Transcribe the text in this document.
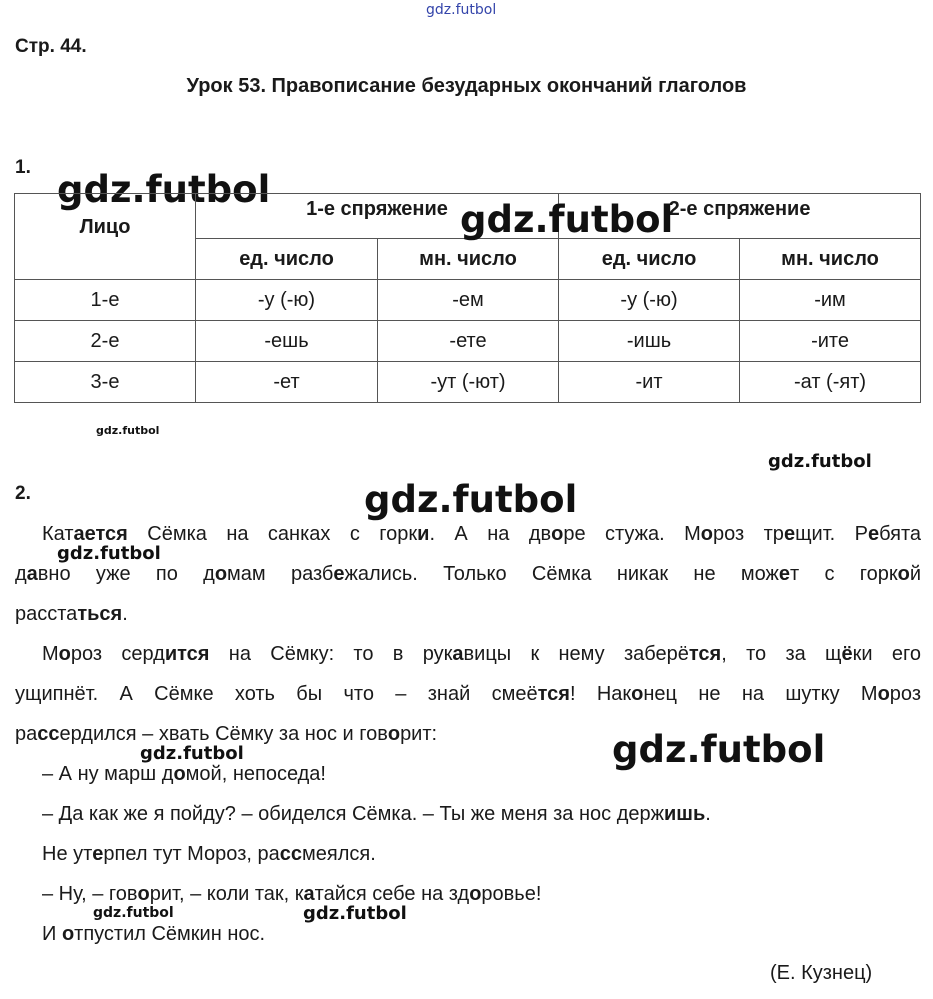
gdz.futbol
gdz.futbol
Стр. 44.
Урок 53. Правописание безударных окончаний глаголов
1.
Лицо	1-е спряжение		2-е спряжение	
	ед. число	мн. число	ед. число	мн. число
1-е	-у (-ю)	-ем	-у (-ю)	-им
2-е	-ешь	-ете	-ишь	-ите
3-е	-ет	-ут (-ют)	-ит	-ат (-ят)
gdz.futbol
gdz.futbol
gdz.futbol
2.	gdz.futbol
Катается Сёмка на санках с горки. А на дворе стужа. Мороз трещит. Ребята
давно уже по домам разбежались. Только Сёмка никак не может с горкой
расстаться.
Мороз сердится на Сёмку: то в рукавицы к нему заберётся, то за щёки его
ущипнёт. А Сёмке хоть бы что – знай смеётся! Наконец не на шутку Мороз
рассердился – хвать Сёмку за нос и говорит:
– А ну марш домой, непоседа!
– Да как же я пойду? – обиделся Сёмка. – Ты же меня за нос держишь.
Не утерпел тут Мороз, рассмеялся.
– Ну, – говорит, – коли так, катайся себе на здоровье!
И отпустил Сёмкин нос.
gdz.futbol
gdz.futbol	gdz.futbol
gdz.futbol	gdz.futbol
(Е. Кузнец)
